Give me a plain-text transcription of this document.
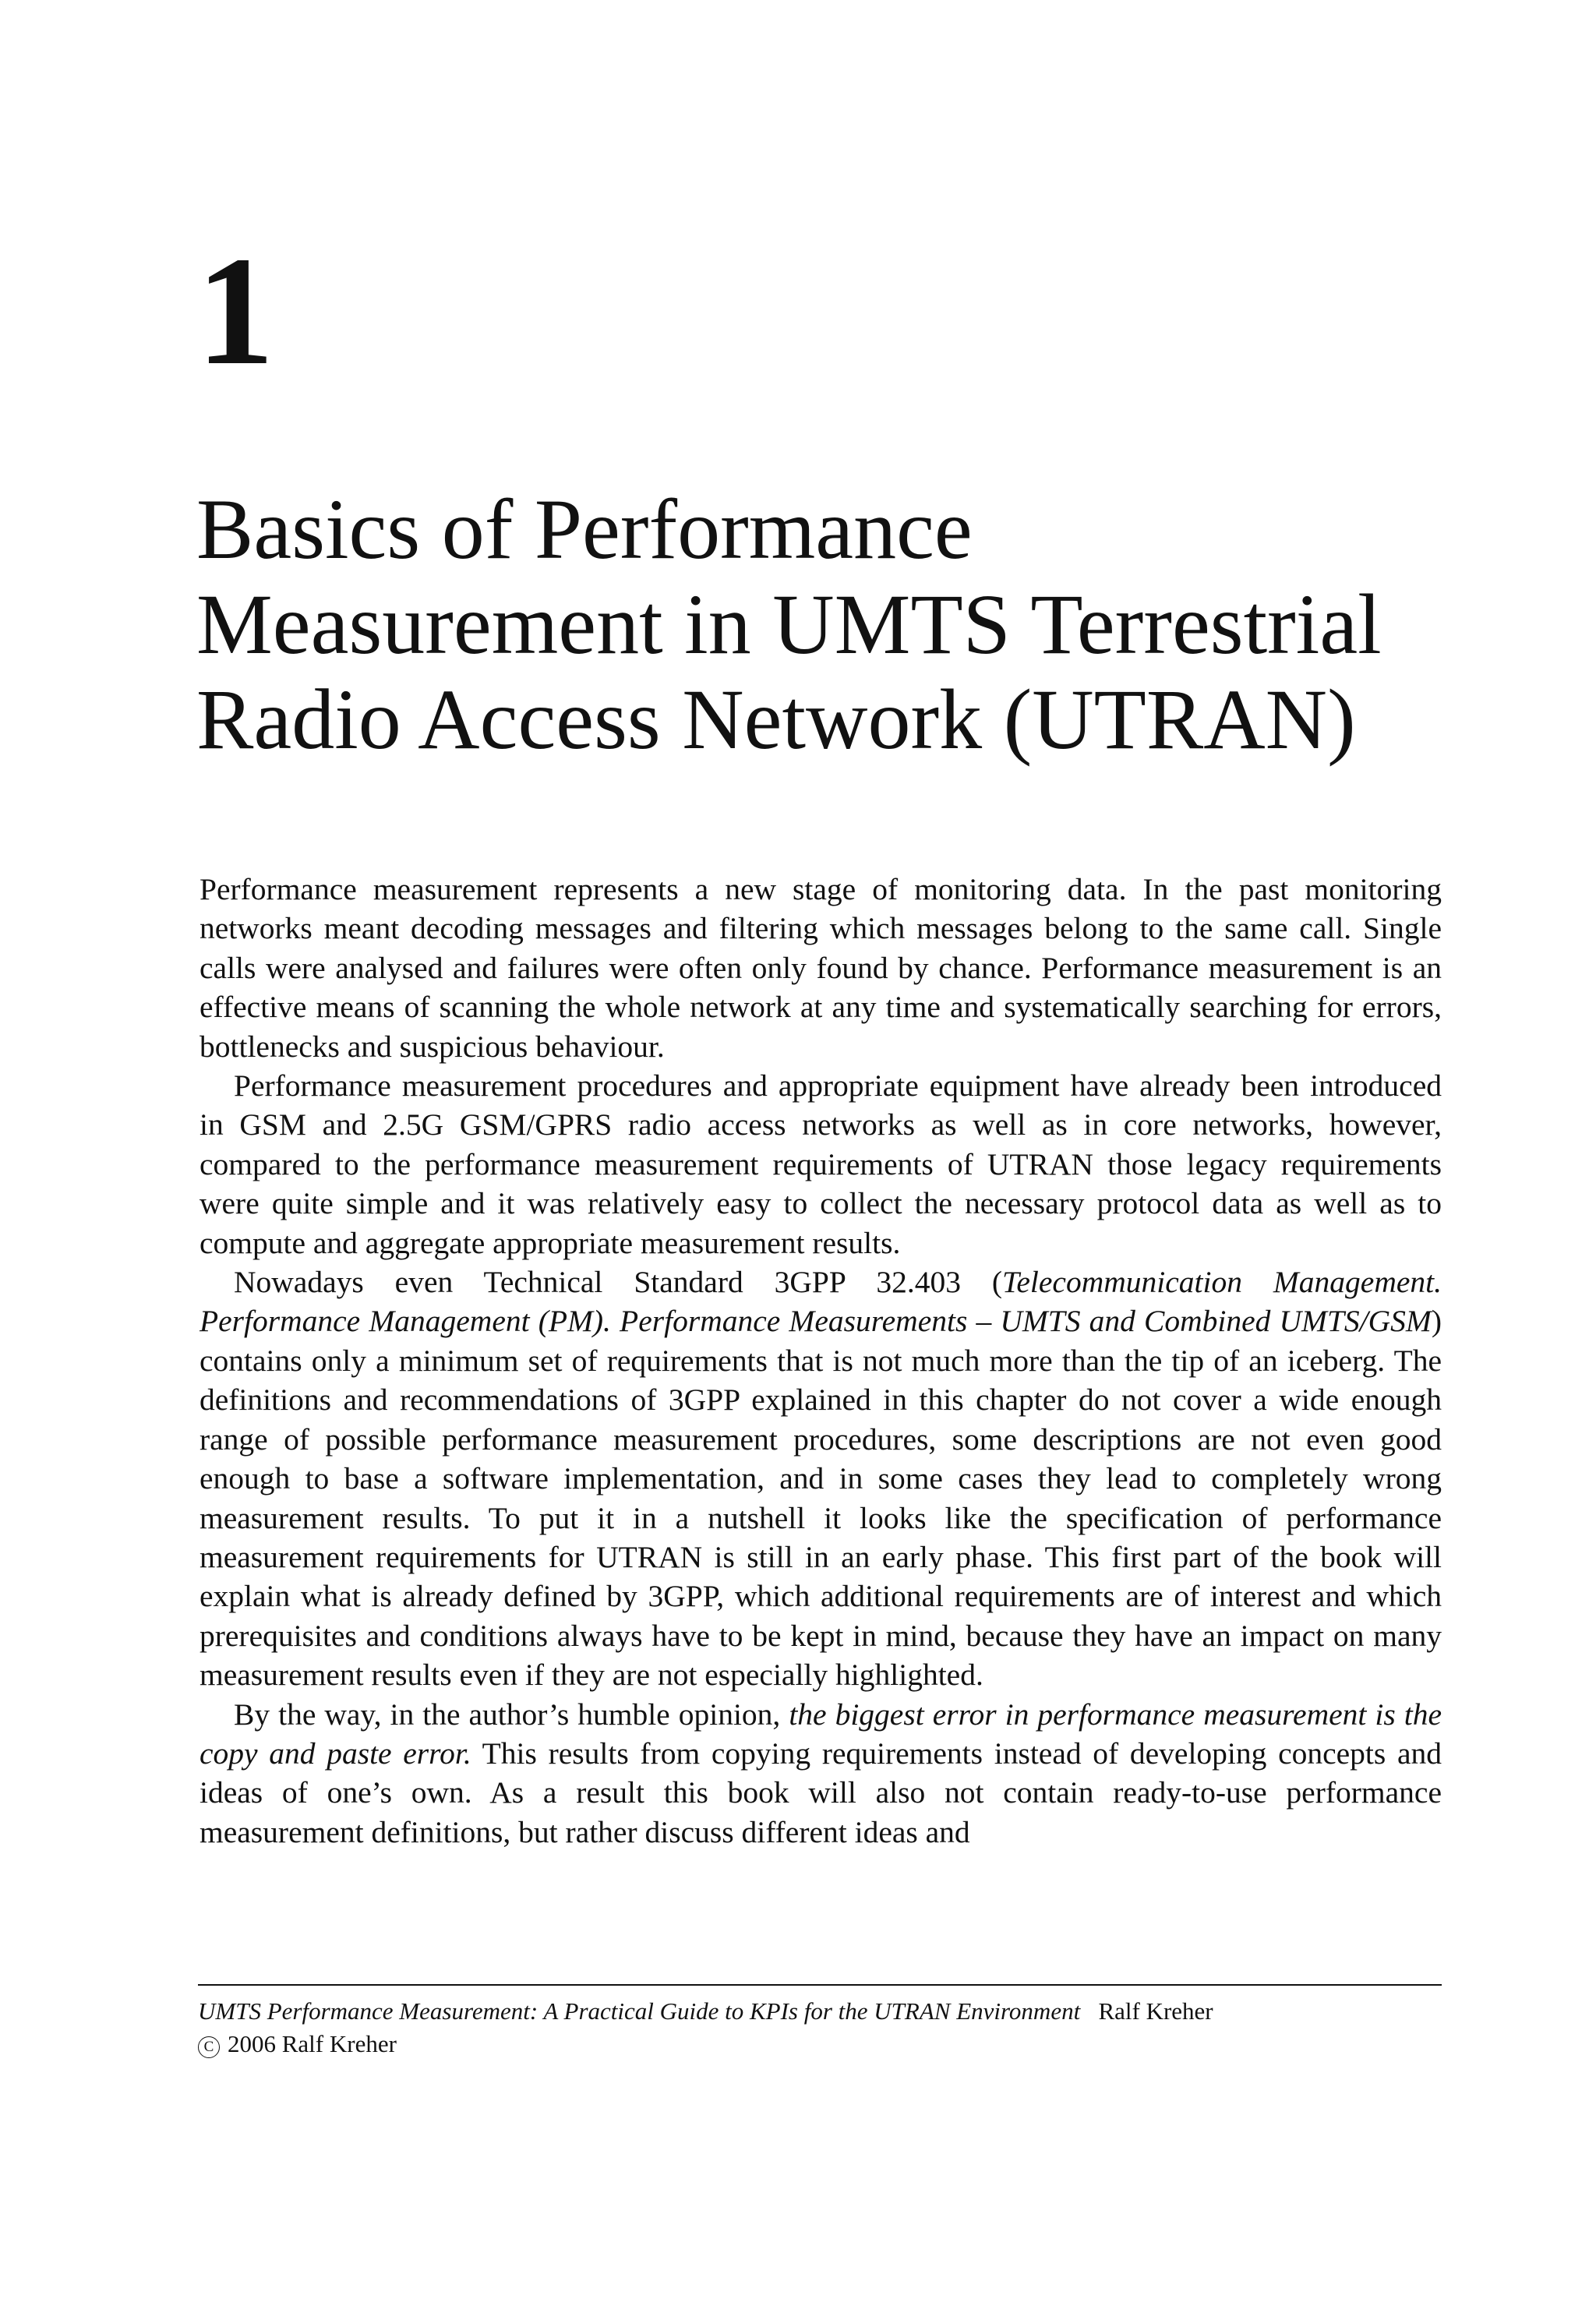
1
Basics of Performance
Measurement in UMTS Terrestrial
Radio Access Network (UTRAN)

Performance measurement represents a new stage of monitoring data. In the past monitoring networks meant decoding messages and filtering which messages belong to the same call. Single calls were analysed and failures were often only found by chance. Performance measurement is an effective means of scanning the whole network at any time and systematically searching for errors, bottlenecks and suspicious behaviour.

Performance measurement procedures and appropriate equipment have already been introduced in GSM and 2.5G GSM/GPRS radio access networks as well as in core networks, however, compared to the performance measurement requirements of UTRAN those legacy requirements were quite simple and it was relatively easy to collect the necessary protocol data as well as to compute and aggregate appropriate measurement results.

Nowadays even Technical Standard 3GPP 32.403 (Telecommunication Management. Performance Management (PM). Performance Measurements – UMTS and Combined UMTS/GSM) contains only a minimum set of requirements that is not much more than the tip of an iceberg. The definitions and recommendations of 3GPP explained in this chapter do not cover a wide enough range of possible performance measurement procedures, some descriptions are not even good enough to base a software implementation, and in some cases they lead to completely wrong measurement results. To put it in a nutshell it looks like the specification of performance measurement requirements for UTRAN is still in an early phase. This first part of the book will explain what is already defined by 3GPP, which additional requirements are of interest and which prerequisites and conditions always have to be kept in mind, because they have an impact on many measurement results even if they are not especially highlighted.

By the way, in the author’s humble opinion, the biggest error in performance measurement is the copy and paste error. This results from copying requirements instead of developing concepts and ideas of one’s own. As a result this book will also not contain ready-to-use performance measurement definitions, but rather discuss different ideas and

UMTS Performance Measurement: A Practical Guide to KPIs for the UTRAN Environment Ralf Kreher
C 2006 Ralf Kreher
